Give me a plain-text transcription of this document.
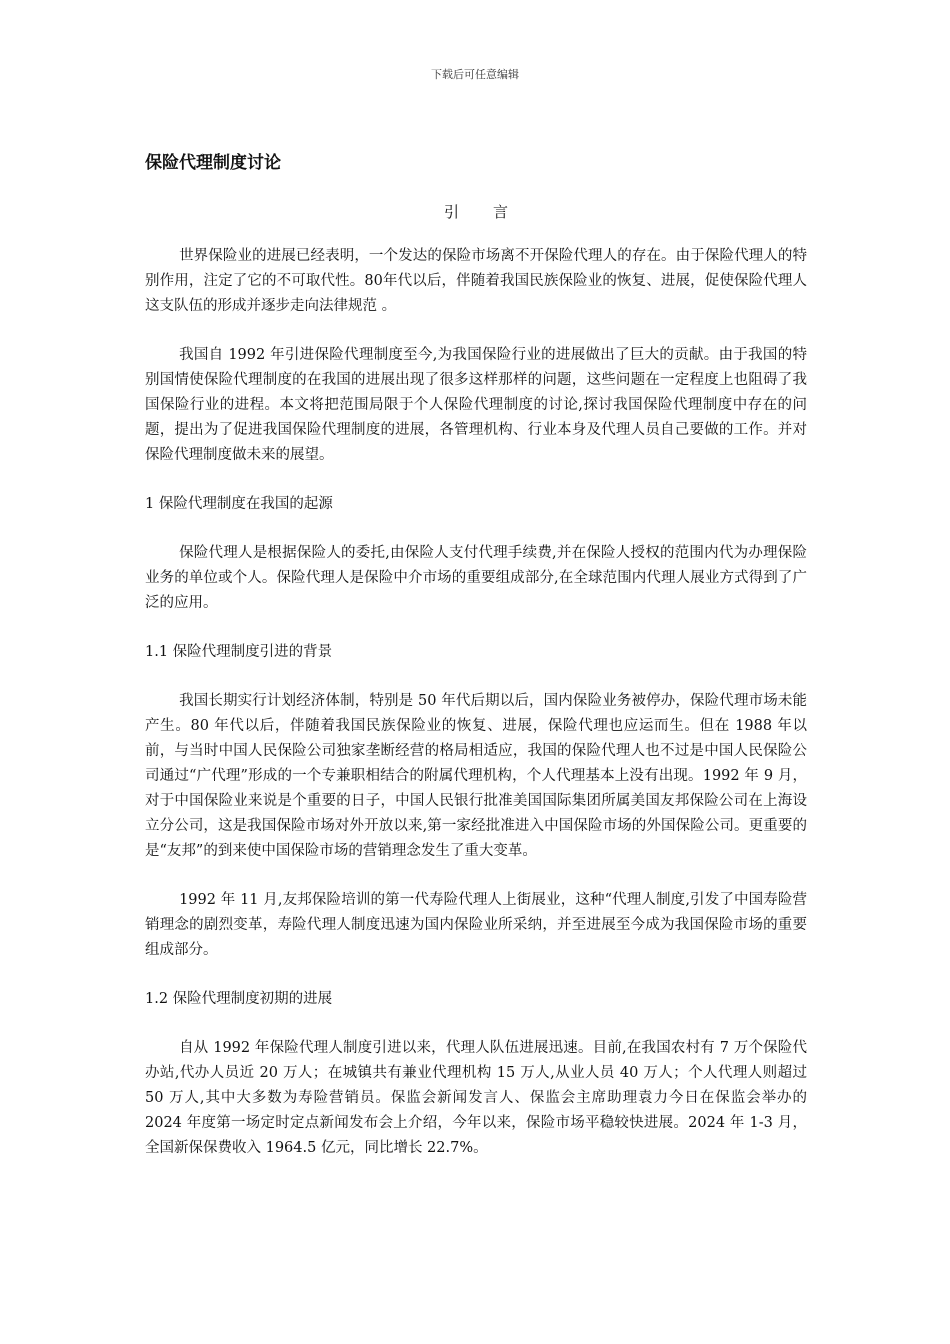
下载后可任意编辑
保险代理制度讨论
引言

世界保险业的进展已经表明，一个发达的保险市场离不开保险代理人的存在。由于保险代理人的特别作用，注定了它的不可取代性。80年代以后，伴随着我国民族保险业的恢复、进展，促使保险代理人这支队伍的形成并逐步走向法律规范 。

我国自 1992 年引进保险代理制度至今,为我国保险行业的进展做出了巨大的贡献。由于我国的特别国情使保险代理制度的在我国的进展出现了很多这样那样的问题，这些问题在一定程度上也阻碍了我国保险行业的进程。本文将把范围局限于个人保险代理制度的讨论,探讨我国保险代理制度中存在的问题，提出为了促进我国保险代理制度的进展，各管理机构、行业本身及代理人员自己要做的工作。并对保险代理制度做未来的展望。

1 保险代理制度在我国的起源

保险代理人是根据保险人的委托,由保险人支付代理手续费,并在保险人授权的范围内代为办理保险业务的单位或个人。保险代理人是保险中介市场的重要组成部分,在全球范围内代理人展业方式得到了广泛的应用。

1.1 保险代理制度引进的背景

我国长期实行计划经济体制，特别是 50 年代后期以后，国内保险业务被停办，保险代理市场未能产生。80 年代以后，伴随着我国民族保险业的恢复、进展，保险代理也应运而生。但在 1988 年以前，与当时中国人民保险公司独家垄断经营的格局相适应，我国的保险代理人也不过是中国人民保险公司通过“广代理”形成的一个专兼职相结合的附属代理机构，个人代理基本上没有出现。1992 年 9 月，对于中国保险业来说是个重要的日子，中国人民银行批准美国国际集团所属美国友邦保险公司在上海设立分公司，这是我国保险市场对外开放以来,第一家经批准进入中国保险市场的外国保险公司。更重要的是“友邦”的到来使中国保险市场的营销理念发生了重大变革。

1992 年 11 月,友邦保险培训的第一代寿险代理人上街展业，这种“代理人制度,引发了中国寿险营销理念的剧烈变革，寿险代理人制度迅速为国内保险业所采纳，并至进展至今成为我国保险市场的重要组成部分。

1.2 保险代理制度初期的进展

自从 1992 年保险代理人制度引进以来，代理人队伍进展迅速。目前,在我国农村有 7 万个保险代办站,代办人员近 20 万人；在城镇共有兼业代理机构 15 万人,从业人员 40 万人；个人代理人则超过 50 万人,其中大多数为寿险营销员。保监会新闻发言人、保监会主席助理袁力今日在保监会举办的 2024 年度第一场定时定点新闻发布会上介绍，今年以来，保险市场平稳较快进展。2024 年 1-3 月，全国新保保费收入 1964.5 亿元，同比增长 22.7%。
